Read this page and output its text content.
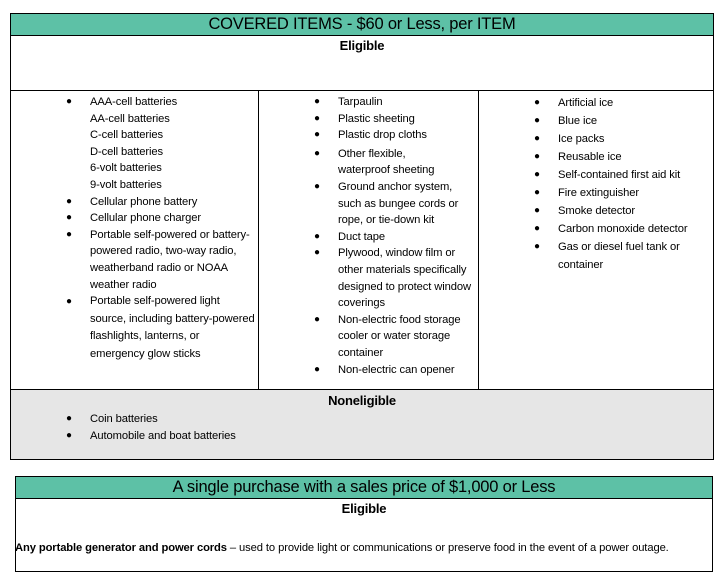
COVERED ITEMS - $60 or Less, per ITEM
Eligible
● AAA-cell batteries
AA-cell batteries
C-cell batteries
D-cell batteries
6-volt batteries
9-volt batteries
● Cellular phone battery
● Cellular phone charger
● Portable self-powered or battery-powered radio, two-way radio, weatherband radio or NOAA weather radio
● Portable self-powered light source, including battery-powered flashlights, lanterns, or emergency glow sticks
● Tarpaulin
● Plastic sheeting
● Plastic drop cloths
● Other flexible, waterproof sheeting
● Ground anchor system, such as bungee cords or rope, or tie-down kit
● Duct tape
● Plywood, window film or other materials specifically designed to protect window coverings
● Non-electric food storage cooler or water storage container
● Non-electric can opener
● Artificial ice
● Blue ice
● Ice packs
● Reusable ice
● Self-contained first aid kit
● Fire extinguisher
● Smoke detector
● Carbon monoxide detector
● Gas or diesel fuel tank or container
Noneligible
● Coin batteries
● Automobile and boat batteries
A single purchase with a sales price of $1,000 or Less
Eligible
Any portable generator and power cords – used to provide light or communications or preserve food in the event of a power outage.
